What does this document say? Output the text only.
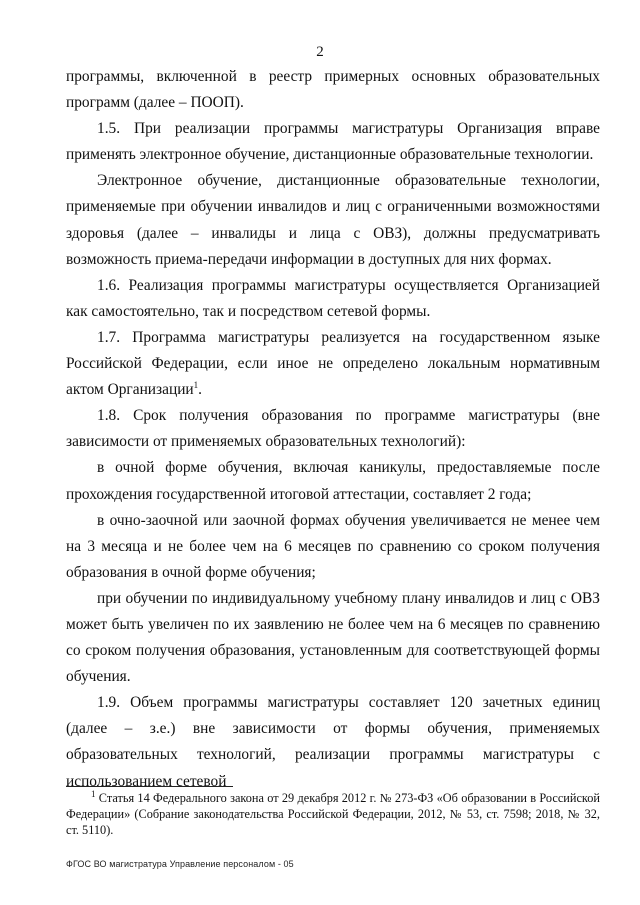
2

программы, включенной в реестр примерных основных образовательных программ (далее – ПООП).

1.5. При реализации программы магистратуры Организация вправе применять электронное обучение, дистанционные образовательные технологии.

Электронное обучение, дистанционные образовательные технологии, применяемые при обучении инвалидов и лиц с ограниченными возможностями здоровья (далее – инвалиды и лица с ОВЗ), должны предусматривать возможность приема-передачи информации в доступных для них формах.

1.6. Реализация программы магистратуры осуществляется Организацией как самостоятельно, так и посредством сетевой формы.

1.7. Программа магистратуры реализуется на государственном языке Российской Федерации, если иное не определено локальным нормативным актом Организации$^1$.

1.8. Срок получения образования по программе магистратуры (вне зависимости от применяемых образовательных технологий):

в очной форме обучения, включая каникулы, предоставляемые после прохождения государственной итоговой аттестации, составляет 2 года;

в очно-заочной или заочной формах обучения увеличивается не менее чем на 3 месяца и не более чем на 6 месяцев по сравнению со сроком получения образования в очной форме обучения;

при обучении по индивидуальному учебному плану инвалидов и лиц с ОВЗ может быть увеличен по их заявлению не более чем на 6 месяцев по сравнению со сроком получения образования, установленным для соответствующей формы обучения.

1.9. Объем программы магистратуры составляет 120 зачетных единиц (далее – з.е.) вне зависимости от формы обучения, применяемых образовательных технологий, реализации программы магистратуры с использованием сетевой

$^1$ Статья 14 Федерального закона от 29 декабря 2012 г. № 273-ФЗ «Об образовании в Российской Федерации» (Собрание законодательства Российской Федерации, 2012, № 53, ст. 7598; 2018, № 32, ст. 5110).
ФГОС ВО магистратура Управление персоналом - 05
